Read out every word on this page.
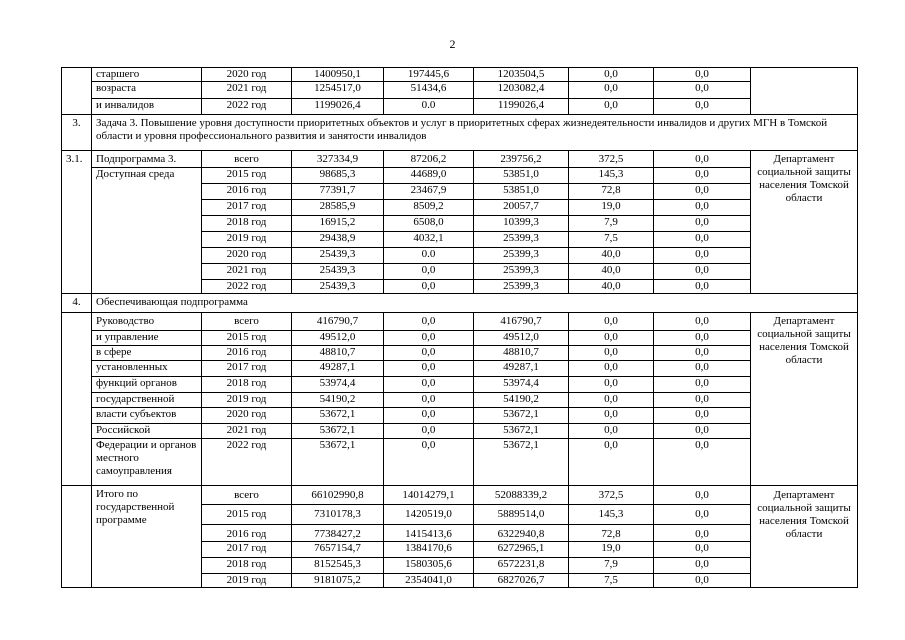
2
	старшего	2020 год	1400950,1	197445,6	1203504,5	0,0	0,0	
	возраста	2021 год	1254517,0	51434,6	1203082,4	0,0	0,0	
	и инвалидов	2022 год	1199026,4	0.0	1199026,4	0,0	0,0	
3.	Задача 3. Повышение уровня доступности приоритетных объектов и услуг в приоритетных сферах жизнедеятельности инвалидов и других МГН в Томской области и уровня профессионального развития и занятости инвалидов							
3.1.	Подпрограмма 3.	всего	327334,9	87206,2	239756,2	372,5	0,0	Департамент социальной защиты населения Томской области
	Доступная среда	2015 год	98685,3	44689,0	53851,0	145,3	0,0	
		2016 год	77391,7	23467,9	53851,0	72,8	0,0	
		2017 год	28585,9	8509,2	20057,7	19,0	0,0	
		2018 год	16915,2	6508,0	10399,3	7,9	0,0	
		2019 год	29438,9	4032,1	25399,3	7,5	0,0	
		2020 год	25439,3	0.0	25399,3	40,0	0,0	
		2021 год	25439,3	0,0	25399,3	40,0	0,0	
		2022 год	25439,3	0,0	25399,3	40,0	0,0	
4.	Обеспечивающая подпрограмма							
	Руководство	всего	416790,7	0,0	416790,7	0,0	0,0	Департамент социальной защиты населения Томской области
	и управление	2015 год	49512,0	0,0	49512,0	0,0	0,0	
	в сфере	2016 год	48810,7	0,0	48810,7	0,0	0,0	
	установленных	2017 год	49287,1	0,0	49287,1	0,0	0,0	
	функций органов	2018 год	53974,4	0,0	53974,4	0,0	0,0	
	государственной	2019 год	54190,2	0,0	54190,2	0,0	0,0	
	власти субъектов	2020 год	53672,1	0,0	53672,1	0,0	0,0	
	Российской	2021 год	53672,1	0,0	53672,1	0,0	0,0	
	Федерации и органов местного самоуправления	2022 год	53672,1	0,0	53672,1	0,0	0,0	
	Итого по государственной программе	всего	66102990,8	14014279,1	52088339,2	372,5	0,0	Департамент социальной защиты населения Томской области
		2015 год	7310178,3	1420519,0	5889514,0	145,3	0,0	
		2016 год	7738427,2	1415413,6	6322940,8	72,8	0,0	
		2017 год	7657154,7	1384170,6	6272965,1	19,0	0,0	
		2018 год	8152545,3	1580305,6	6572231,8	7,9	0,0	
		2019 год	9181075,2	2354041,0	6827026,7	7,5	0,0	
